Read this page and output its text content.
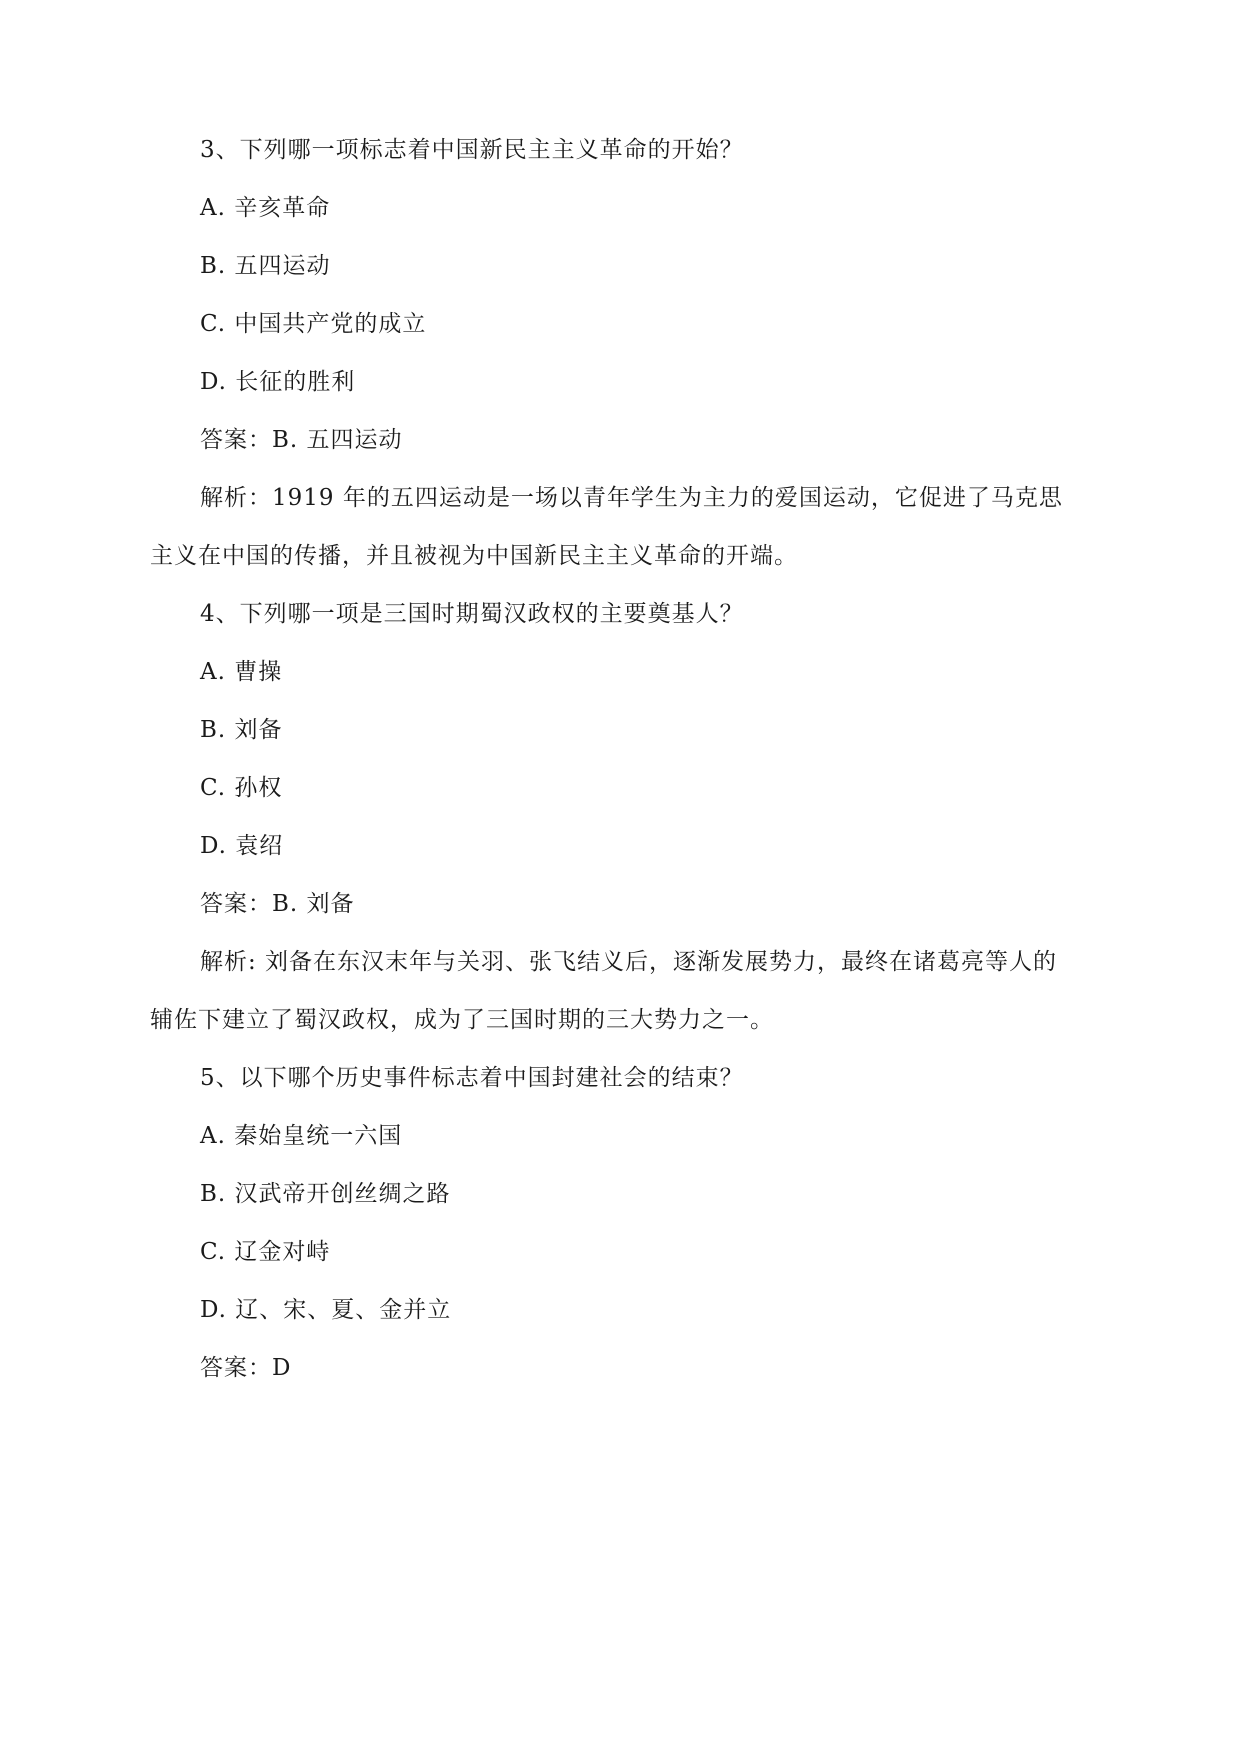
3、下列哪一项标志着中国新民主主义革命的开始？
A. 辛亥革命
B. 五四运动
C. 中国共产党的成立
D. 长征的胜利
答案：B. 五四运动
解析：1919 年的五四运动是一场以青年学生为主力的爱国运动，它促进了马克思
主义在中国的传播，并且被视为中国新民主主义革命的开端。
4、下列哪一项是三国时期蜀汉政权的主要奠基人？
A. 曹操
B. 刘备
C. 孙权
D. 袁绍
答案：B. 刘备
解析: 刘备在东汉末年与关羽、张飞结义后，逐渐发展势力，最终在诸葛亮等人的
辅佐下建立了蜀汉政权，成为了三国时期的三大势力之一。
5、以下哪个历史事件标志着中国封建社会的结束？
A. 秦始皇统一六国
B. 汉武帝开创丝绸之路
C. 辽金对峙
D. 辽、宋、夏、金并立
答案：D
